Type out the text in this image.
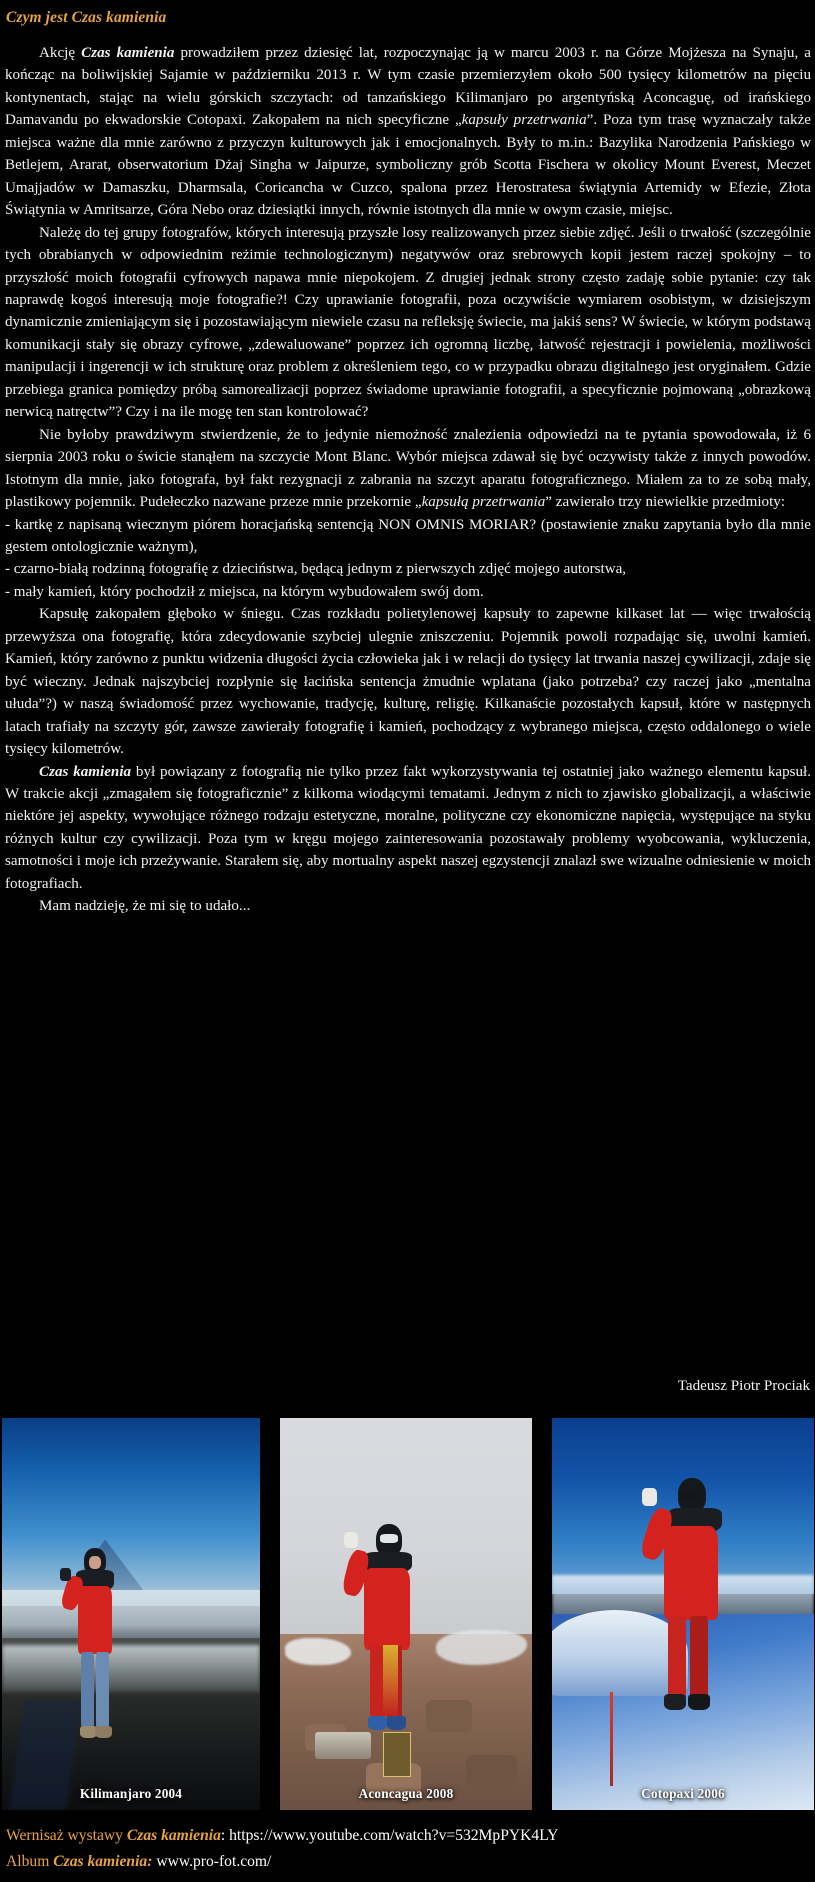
Czym jest Czas kamienia

Akcję Czas kamienia prowadziłem przez dziesięć lat, rozpoczynając ją w marcu 2003 r. na Górze Mojżesza na Synaju, a kończąc na boliwijskiej Sajamie w październiku 2013 r. W tym czasie przemierzyłem około 500 tysięcy kilometrów na pięciu kontynentach, stając na wielu górskich szczytach: od tanzańskiego Kilimanjaro po argentyńską Aconcaguę, od irańskiego Damavandu po ekwadorskie Cotopaxi. Zakopałem na nich specyficzne „kapsuły przetrwania”. Poza tym trasę wyznaczały także miejsca ważne dla mnie zarówno z przyczyn kulturowych jak i emocjonalnych. Były to m.in.: Bazylika Narodzenia Pańskiego w Betlejem, Ararat, obserwatorium Dżaj Singha w Jaipurze, symboliczny grób Scotta Fischera w okolicy Mount Everest, Meczet Umajjadów w Damaszku, Dharmsala, Coricancha w Cuzco, spalona przez Herostratesa świątynia Artemidy w Efezie, Złota Świątynia w Amritsarze, Góra Nebo oraz dziesiątki innych, równie istotnych dla mnie w owym czasie, miejsc.

Należę do tej grupy fotografów, których interesują przyszłe losy realizowanych przez siebie zdjęć. Jeśli o trwałość (szczególnie tych obrabianych w odpowiednim reżimie technologicznym) negatywów oraz srebrowych kopii jestem raczej spokojny – to przyszłość moich fotografii cyfrowych napawa mnie niepokojem. Z drugiej jednak strony często zadaję sobie pytanie: czy tak naprawdę kogoś interesują moje fotografie?! Czy uprawianie fotografii, poza oczywiście wymiarem osobistym, w dzisiejszym dynamicznie zmieniającym się i pozostawiającym niewiele czasu na refleksję świecie, ma jakiś sens? W świecie, w którym podstawą komunikacji stały się obrazy cyfrowe, „zdewaluowane” poprzez ich ogromną liczbę, łatwość rejestracji i powielenia, możliwości manipulacji i ingerencji w ich strukturę oraz problem z określeniem tego, co w przypadku obrazu digitalnego jest oryginałem. Gdzie przebiega granica pomiędzy próbą samorealizacji poprzez świadome uprawianie fotografii, a specyficznie pojmowaną „obrazkową nerwicą natręctw”? Czy i na ile mogę ten stan kontrolować?

Nie byłoby prawdziwym stwierdzenie, że to jedynie niemożność znalezienia odpowiedzi na te pytania spowodowała, iż 6 sierpnia 2003 roku o świcie stanąłem na szczycie Mont Blanc. Wybór miejsca zdawał się być oczywisty także z innych powodów. Istotnym dla mnie, jako fotografa, był fakt rezygnacji z zabrania na szczyt aparatu fotograficznego. Miałem za to ze sobą mały, plastikowy pojemnik. Pudełeczko nazwane przeze mnie przekornie „kapsułą przetrwania” zawierało trzy niewielkie przedmioty:

- kartkę z napisaną wiecznym piórem horacjańską sentencją NON OMNIS MORIAR? (postawienie znaku zapytania było dla mnie gestem ontologicznie ważnym),

- czarno-białą rodzinną fotografię z dzieciństwa, będącą jednym z pierwszych zdjęć mojego autorstwa,

- mały kamień, który pochodził z miejsca, na którym wybudowałem swój dom.

Kapsułę zakopałem głęboko w śniegu. Czas rozkładu polietylenowej kapsuły to zapewne kilkaset lat — więc trwałością przewyższa ona fotografię, która zdecydowanie szybciej ulegnie zniszczeniu. Pojemnik powoli rozpadając się, uwolni kamień. Kamień, który zarówno z punktu widzenia długości życia człowieka jak i w relacji do tysięcy lat trwania naszej cywilizacji, zdaje się być wieczny. Jednak najszybciej rozpłynie się łacińska sentencja żmudnie wplatana (jako potrzeba? czy raczej jako „mentalna ułuda”?) w naszą świadomość przez wychowanie, tradycję, kulturę, religię. Kilkanaście pozostałych kapsuł, które w następnych latach trafiały na szczyty gór, zawsze zawierały fotografię i kamień, pochodzący z wybranego miejsca, często oddalonego o wiele tysięcy kilometrów.

Czas kamienia był powiązany z fotografią nie tylko przez fakt wykorzystywania tej ostatniej jako ważnego elementu kapsuł. W trakcie akcji „zmagałem się fotograficznie” z kilkoma wiodącymi tematami. Jednym z nich to zjawisko globalizacji, a właściwie niektóre jej aspekty, wywołujące różnego rodzaju estetyczne, moralne, polityczne czy ekonomiczne napięcia, występujące na styku różnych kultur czy cywilizacji. Poza tym w kręgu mojego zainteresowania pozostawały problemy wyobcowania, wykluczenia, samotności i moje ich przeżywanie. Starałem się, aby mortualny aspekt naszej egzystencji znalazł swe wizualne odniesienie w moich fotografiach.

Mam nadzieję, że mi się to udało...

Tadeusz Piotr Prociak
Kilimanjaro 2004	Aconcagua 2008	Cotopaxi 2006
Wernisaż wystawy Czas kamienia: https://www.youtube.com/watch?v=532MpPYK4LY
Album Czas kamienia: www.pro-fot.com/
